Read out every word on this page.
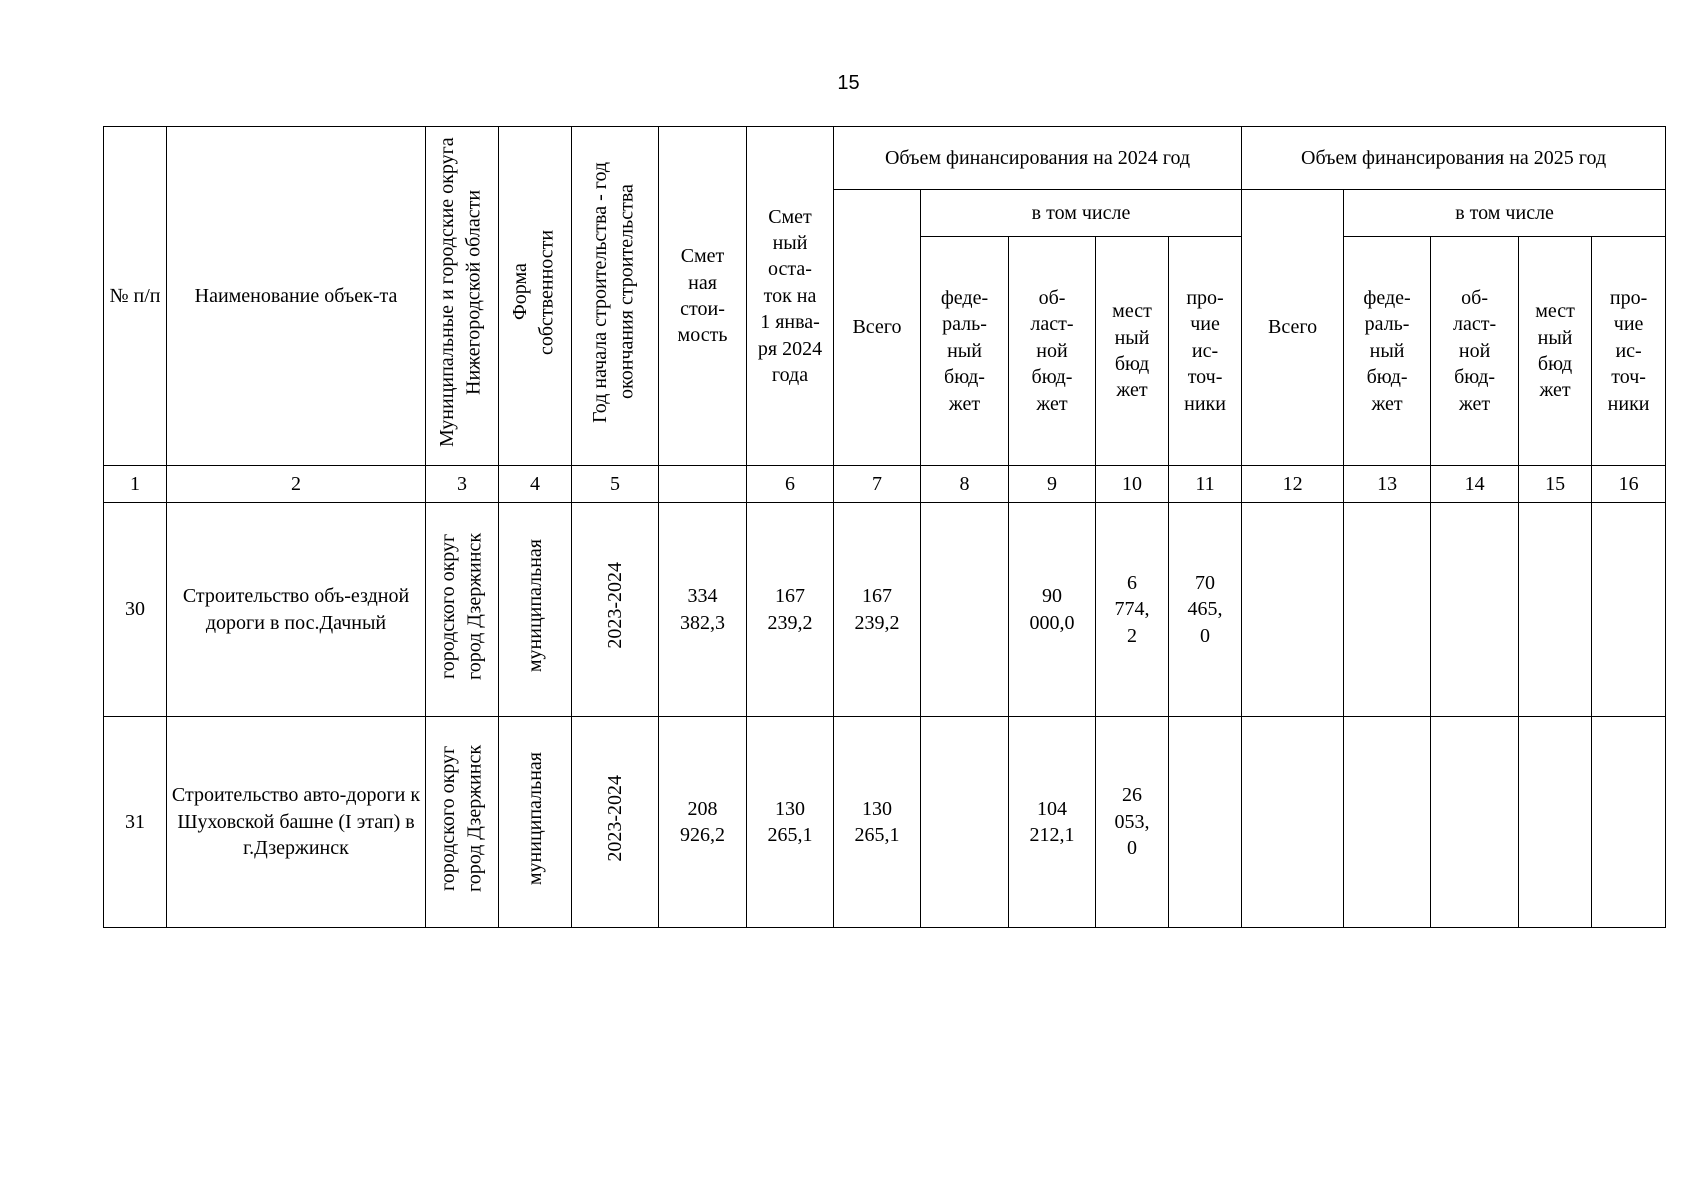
15
№ п/п	Наименование объек-та	Муниципальные и городские округа Нижегородской области	Форма собственности	Год начала строительства - год окончания строительства	Смет ная стои-мость	Смет ный оста-ток на 1 янва-ря 2024 года	Объем финансирования на 2024 год					Объем финансирования на 2025 год				
							Всего	в том числе				Всего	в том числе			

								феде-раль-ный бюд-жет	об-ласт-ной бюд-жет	мест ный бюд жет	про-чие ис-точ-ники		феде-раль-ный бюд-жет	об-ласт-ной бюд-жет	мест ный бюд жет	про-чие ис-точ-ники

1	2	3	4	5		6	7	8	9	10	11	12	13	14	15	16
30	Строительство объ-ездной дороги в пос.Дачный	городского округ город Дзержинск	муниципальная	2023-2024	334 382,3	167 239,2	167 239,2		90 000,0	6 774, 2	70 465, 0					

31	Строительство авто-дороги к Шуховской башне (I этап) в г.Дзержинск	городского округ город Дзержинск	муниципальная	2023-2024	208 926,2	130 265,1	130 265,1		104 212,1	26 053, 0						
